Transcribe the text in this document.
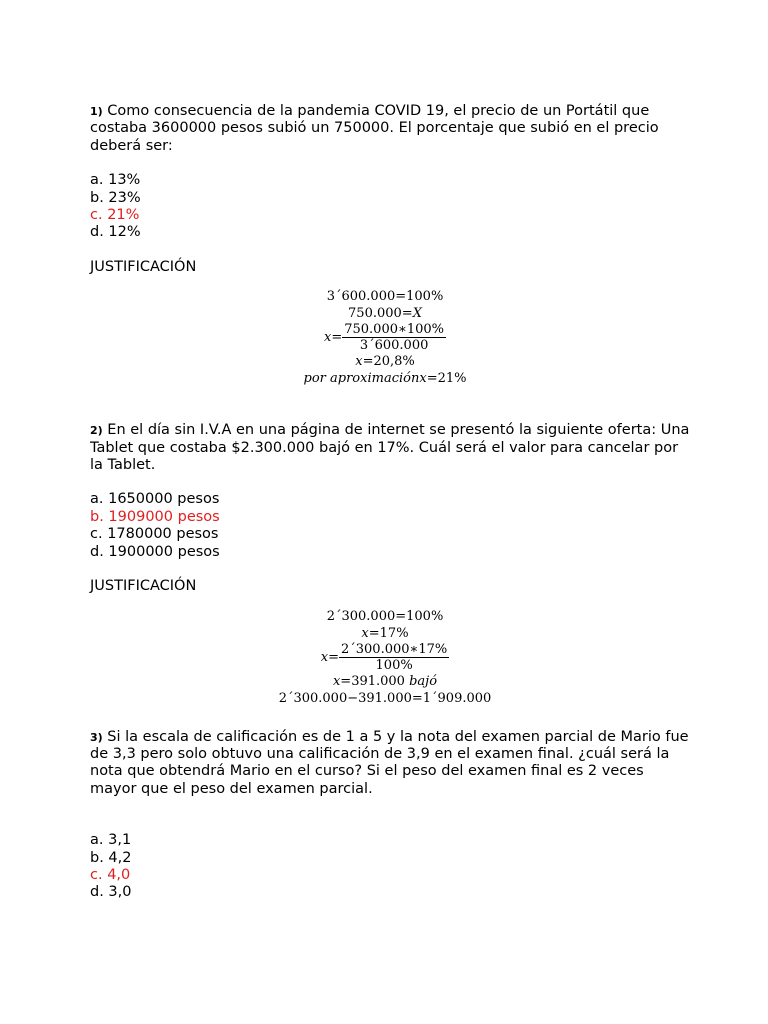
1) Como consecuencia de la pandemia COVID 19, el precio de un Portátil que costaba 3600000 pesos subió un 750000. El porcentaje que subió en el precio deberá ser:

a. 13%
b. 23%
c. 21%
d. 12%

JUSTIFICACIÓN

3´600.000=100%
750.000=X
$x= \frac{750.000∗100\%}{3´600.000}$
x=20,8%
por aproximaciónx=21%

2) En el día sin I.V.A en una página de internet se presentó la siguiente oferta: Una Tablet que costaba $2.300.000 bajó en 17%. Cuál será el valor para cancelar por la Tablet.

a. 1650000 pesos
b. 1909000 pesos
c. 1780000 pesos
d. 1900000 pesos

JUSTIFICACIÓN

2´300.000=100%
x=17%
$x= \frac{2´300.000∗17\%}{100\%}$
x=391.000 bajó
2´300.000−391.000=1´909.000

3) Si la escala de calificación es de 1 a 5 y la nota del examen parcial de Mario fue de 3,3 pero solo obtuvo una calificación de 3,9 en el examen final. ¿cuál será la nota que obtendrá Mario en el curso? Si el peso del examen final es 2 veces mayor que el peso del examen parcial.

a. 3,1
b. 4,2
c. 4,0
d. 3,0
